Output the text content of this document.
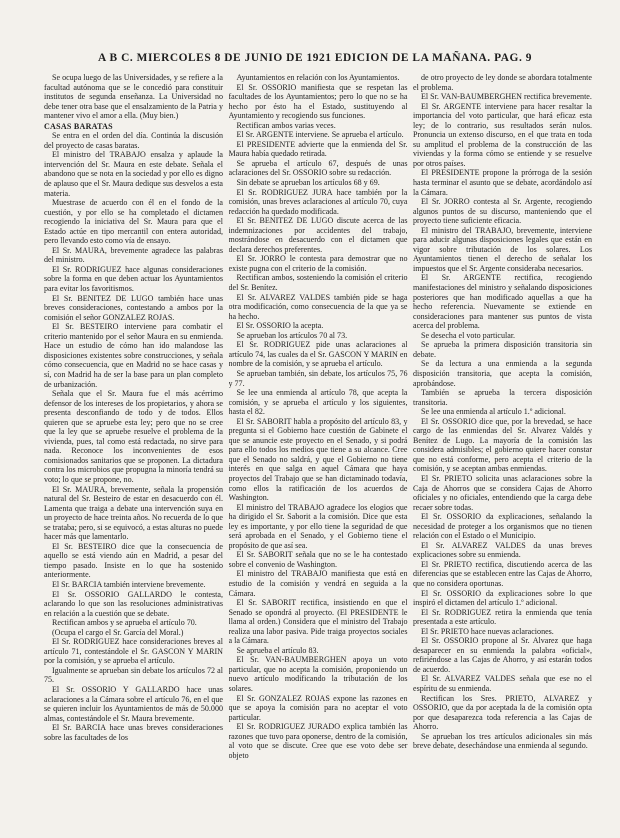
A B C. MIERCOLES 8 DE JUNIO DE 1921 EDICION DE LA MAÑANA. PAG. 9

Se ocupa luego de las Universidades, y se refiere a la facultad autónoma que se le concedió para constituir institutos de segunda enseñanza. La Universidad no debe tener otra base que el ensalzamiento de la Patria y mantener vivo el amor a ella. (Muy bien.)

CASAS BARATAS

Se entra en el orden del día. Continúa la discusión del proyecto de casas baratas.

El ministro del TRABAJO ensalza y aplaude la intervención del Sr. Maura en este debate. Señala el abandono que se nota en la sociedad y por ello es digno de aplauso que el Sr. Maura dedique sus desvelos a esta materia.

Muestrase de acuerdo con él en el fondo de la cuestión, y por ello se ha completado el dictamen recogiendo la iniciativa del Sr. Maura para que el Estado actúe en tipo mercantil con entera autoridad, pero llevando esto como vía de ensayo.

El Sr. MAURA, brevemente agradece las palabras del ministro.

El Sr. RODRIGUEZ hace algunas consideraciones sobre la forma en que deben actuar los Ayuntamientos para evitar los favoritismos.

El Sr. BENITEZ DE LUGO también hace unas breves consideraciones, contestando a ambos por la comisión el señor GONZALEZ ROJAS.

El Sr. BESTEIRO interviene para combatir el criterio mantenido por el señor Maura en su enmienda. Hace un estudio de cómo han ido malandose las disposiciones existentes sobre construcciones, y señala cómo consecuencia, que en Madrid no se hace casas y sí, con Madrid ha de ser la base para un plan completo de urbanización.

Señala que el Sr. Maura fue el más acérrimo defensor de los intereses de los propietarios, y ahora se presenta desconfiando de todo y de todos. Ellos quieren que se apruebe esta ley; pero que no se cree que la ley que se apruebe resuelve el problema de la vivienda, pues, tal como está redactada, no sirve para nada. Reconoce los inconvenientes de esos comisionados sanitarios que se proponen. La dictadura contra los microbios que propugna la minoría tendrá su voto; lo que se propone, no.

El Sr. MAURA, brevemente, señala la propensión natural del Sr. Besteiro de estar en desacuerdo con él. Lamenta que traiga a debate una intervención suya en un proyecto de hace treinta años. No recuerda de lo que se trataba; pero, si se equivocó, a estas alturas no puede hacer más que lamentarlo.

El Sr. BESTEIRO dice que la consecuencia de aquello se está viendo aún en Madrid, a pesar del tiempo pasado. Insiste en lo que ha sostenido anteriormente.

El Sr. BARCIA también interviene brevemente.

El Sr. OSSORIO GALLARDO le contesta, aclarando lo que son las resoluciones administrativas en relación a la cuestión que se debate.

Rectifican ambos y se aprueba el artículo 70.

(Ocupa el cargo el Sr. García del Moral.)

El Sr. RODRIGUEZ hace consideraciones breves al artículo 71, contestándole el Sr. GASCON Y MARIN por la comisión, y se aprueba el artículo.

Igualmente se aprueban sin debate los artículos 72 al 75.

El Sr. OSSORIO Y GALLARDO hace unas aclaraciones a la Cámara sobre el artículo 76, en el que se quieren incluir los Ayuntamientos de más de 50.000 almas, contestándole el Sr. Maura brevemente.

El Sr. BARCIA hace unas breves consideraciones sobre las facultades de los

Ayuntamientos en relación con los Ayuntamientos.

El Sr. OSSORIO manifiesta que se respetan las facultades de los Ayuntamientos; pero lo que no se ha hecho por ésto ha el Estado, sustituyendo al Ayuntamiento y recogiendo sus funciones.

Rectifican ambos varias veces.

El Sr. ARGENTE interviene. Se aprueba el artículo.

El PRESIDENTE advierte que la enmienda del Sr. Maura había quedado retirada.

Se aprueba el artículo 67, después de unas aclaraciones del Sr. OSSORIO sobre su redacción.

Sin debate se aprueban los artículos 68 y 69.

El Sr. RODRIGUEZ JURA hace también por la comisión, unas breves aclaraciones al artículo 70, cuya redacción ha quedado modificada.

El Sr. BENITEZ DE LUGO discute acerca de las indemnizaciones por accidentes del trabajo, mostrándose en desacuerdo con el dictamen que declara derechos preferentes.

El Sr. JORRO le contesta para demostrar que no existe pugna con el criterio de la comisión.

Rectifican ambos, sosteniendo la comisión el criterio del Sr. Benítez.

El Sr. ALVAREZ VALDES también pide se haga otra modificación, como consecuencia de la que ya se ha hecho.

El Sr. OSSORIO la acepta.

Se aprueban los artículos 70 al 73.

El Sr. RODRIGUEZ pide unas aclaraciones al artículo 74, las cuales da el Sr. GASCON Y MARIN en nombre de la comisión, y se aprueba el artículo.

Se aprueban también, sin debate, los artículos 75, 76 y 77.

Se lee una enmienda al artículo 78, que acepta la comisión, y se aprueba el artículo y los siguientes, hasta el 82.

El Sr. SABORIT habla a propósito del artículo 83, y pregunta si el Gobierno hace cuestión de Gabinete el que se anuncie este proyecto en el Senado, y si podrá para ello todos los medios que tiene a su alcance. Cree que el Senado no saldrá, y que el Gobierno no tiene interés en que salga en aquel Cámara que haya proyectos del Trabajo que se han dictaminado todavía, como ellos la ratificación de los acuerdos de Washington.

El ministro del TRABAJO agradece los elogios que ha dirigido el Sr. Saborit a la comisión. Dice que esta ley es importante, y por ello tiene la seguridad de que será aprobada en el Senado, y el Gobierno tiene el propósito de que así sea.

El Sr. SABORIT señala que no se le ha contestado sobre el convenio de Washington.

El ministro del TRABAJO manifiesta que está en estudio de la comisión y vendrá en seguida a la Cámara.

El Sr. SABORIT rectifica, insistiendo en que el Senado se opondrá al proyecto. (El PRESIDENTE le llama al orden.) Considera que el ministro del Trabajo realiza una labor pasiva. Pide traiga proyectos sociales a la Cámara.

Se aprueba el artículo 83.

El Sr. VAN-BAUMBERGHEN apoya un voto particular, que no acepta la comisión, proponiendo un nuevo artículo modificando la tributación de los solares.

El Sr. GONZALEZ ROJAS expone las razones en que se apoya la comisión para no aceptar el voto particular.

El Sr. RODRIGUEZ JURADO explica también las razones que tuvo para oponerse, dentro de la comisión, al voto que se discute. Cree que ese voto debe ser objeto

de otro proyecto de ley donde se abordara totalmente el problema.

El Sr. VAN-BAUMBERGHEN rectifica brevemente.

El Sr. ARGENTE interviene para hacer resaltar la importancia del voto particular, que hará eficaz esta ley; de lo contrario, sus resultados serán nulos. Pronuncia un extenso discurso, en el que trata en toda su amplitud el problema de la construcción de las viviendas y la forma cómo se entiende y se resuelve por otros países.

El PRESIDENTE propone la prórroga de la sesión hasta terminar el asunto que se debate, acordándolo así la Cámara.

El Sr. JORRO contesta al Sr. Argente, recogiendo algunos puntos de su discurso, manteniendo que el proyecto tiene suficiente eficacia.

El ministro del TRABAJO, brevemente, interviene para aducir algunas disposiciones legales que están en vigor sobre tributación de los solares. Los Ayuntamientos tienen el derecho de señalar los impuestos que el Sr. Argente consideraba necesarios.

El Sr. ARGENTE rectifica, recogiendo manifestaciones del ministro y señalando disposiciones posteriores que han modificado aquellas a que ha hecho referencia. Nuevamente se extiende en consideraciones para mantener sus puntos de vista acerca del problema.

Se desecha el voto particular.

Se aprueba la primera disposición transitoria sin debate.

Se da lectura a una enmienda a la segunda disposición transitoria, que acepta la comisión, aprobándose.

También se aprueba la tercera disposición transitoria.

Se lee una enmienda al artículo 1.º adicional.

El Sr. OSSORIO dice que, por la brevedad, se hace cargo de las enmiendas del Sr. Alvarez Valdés y Benítez de Lugo. La mayoría de la comisión las considera admisibles; el gobierno quiere hacer constar que no está conforme, pero acepta el criterio de la comisión, y se aceptan ambas enmiendas.

El Sr. PRIETO solicita unas aclaraciones sobre la Caja de Ahorros que se considera Cajas de Ahorro oficiales y no oficiales, entendiendo que la carga debe recaer sobre todas.

El Sr. OSSORIO da explicaciones, señalando la necesidad de proteger a los organismos que no tienen relación con el Estado o el Municipio.

El Sr. ALVAREZ VALDES da unas breves explicaciones sobre su enmienda.

El Sr. PRIETO rectifica, discutiendo acerca de las diferencias que se establecen entre las Cajas de Ahorro, que no considera oportunas.

El Sr. OSSORIO da explicaciones sobre lo que inspiró el dictamen del artículo 1.º adicional.

El Sr. RODRIGUEZ retira la enmienda que tenía presentada a este artículo.

El Sr. PRIETO hace nuevas aclaraciones.

El Sr. OSSORIO propone al Sr. Alvarez que haga desaparecer en su enmienda la palabra «oficial», refiriéndose a las Cajas de Ahorro, y así estarán todos de acuerdo.

El Sr. ALVAREZ VALDES señala que ese no el espíritu de su enmienda.

Rectifican los Sres. PRIETO, ALVAREZ y OSSORIO, que da por aceptada la de la comisión opta por que desaparezca toda referencia a las Cajas de Ahorro.

Se aprueban los tres artículos adicionales sin más breve debate, desechándose una enmienda al segundo.
